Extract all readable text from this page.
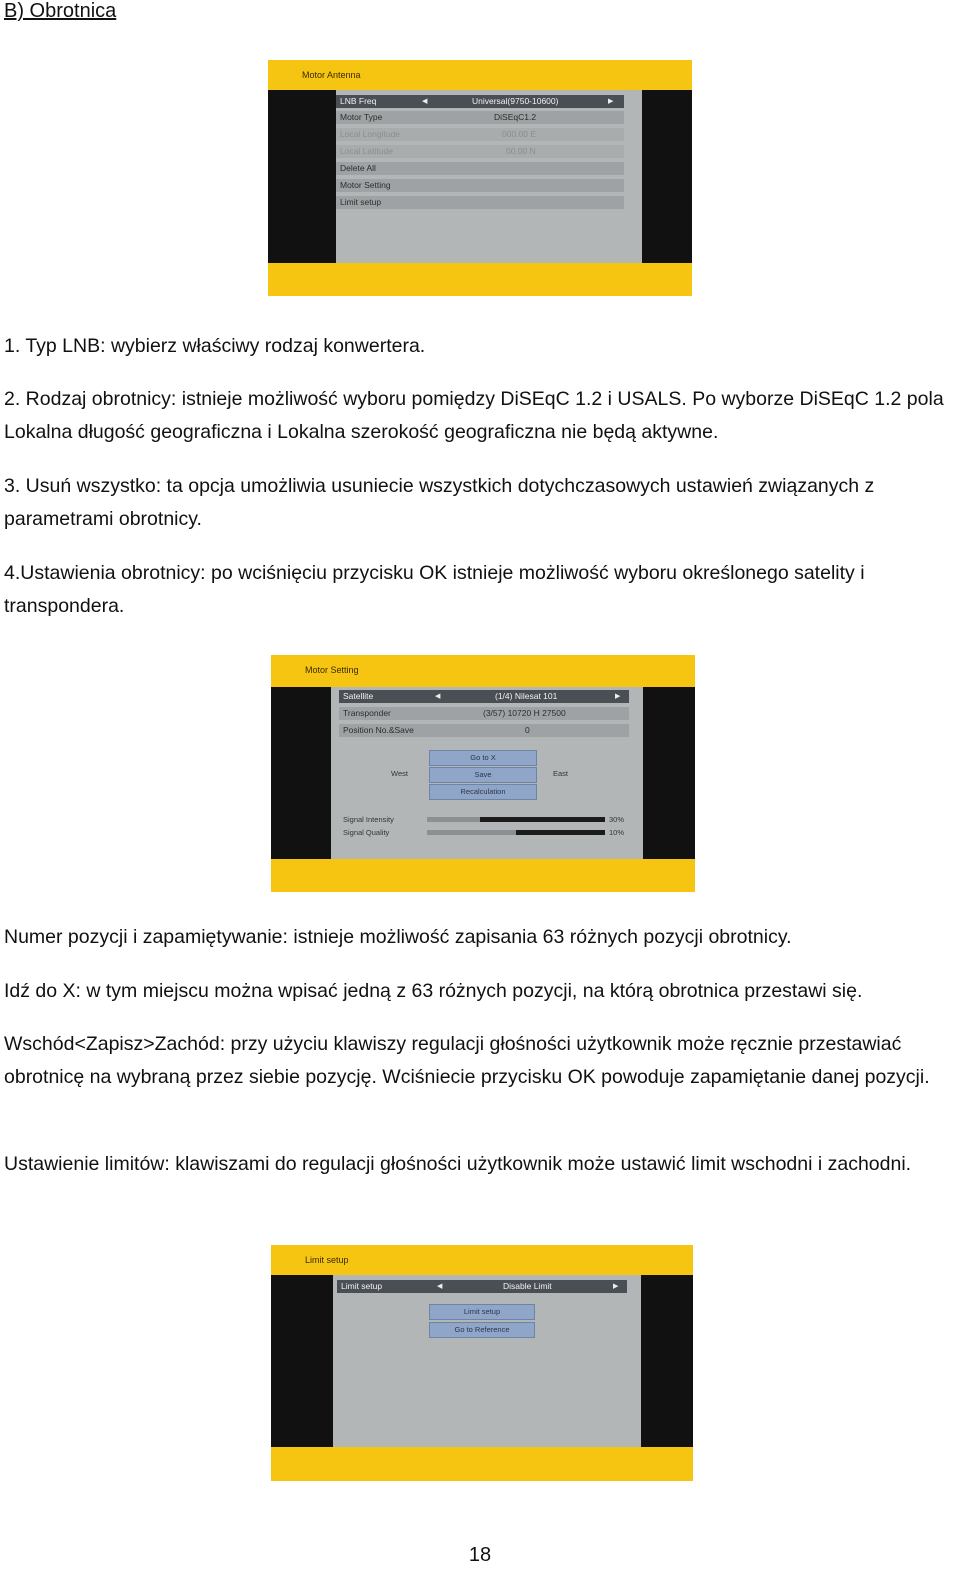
B) Obrotnica
Motor Antenna
LNB Freq	◀	Universal(9750-10600)	▶
Motor Type	DiSEqC1.2
Local Longitude	000.00 E
Local Latitude	00.00 N
Delete All
Motor Setting
Limit setup

1. Typ LNB: wybierz właściwy rodzaj konwertera.

2. Rodzaj obrotnicy: istnieje możliwość wyboru pomiędzy DiSEqC 1.2 i USALS. Po wyborze DiSEqC 1.2 pola Lokalna długość geograficzna i Lokalna szerokość geograficzna nie będą aktywne.

3. Usuń wszystko: ta opcja umożliwia usuniecie wszystkich dotychczasowych ustawień związanych z parametrami obrotnicy.

4.Ustawienia obrotnicy: po wciśnięciu przycisku OK istnieje możliwość wyboru określonego satelity i transpondera.

Motor Setting
Satellite	◀	(1/4) Nilesat 101	▶
Transponder	(3/57) 10720 H 27500
Position No.&Save	0
West	East
Go to X
Save
Recalculation
Signal Intensity	30%
Signal Quality	10%

Numer pozycji i zapamiętywanie: istnieje możliwość zapisania 63 różnych pozycji obrotnicy.

Idź do X: w tym miejscu można wpisać jedną z 63 różnych pozycji, na którą obrotnica przestawi się.

Wschód<Zapisz>Zachód: przy użyciu klawiszy regulacji głośności użytkownik może ręcznie przestawiać obrotnicę na wybraną przez siebie pozycję. Wciśniecie przycisku OK powoduje zapamiętanie danej pozycji.

Ustawienie limitów: klawiszami do regulacji głośności użytkownik może ustawić limit wschodni i zachodni.

Limit setup
Limit setup	◀	Disable Limit	▶
Limit setup
Go to Reference
18
